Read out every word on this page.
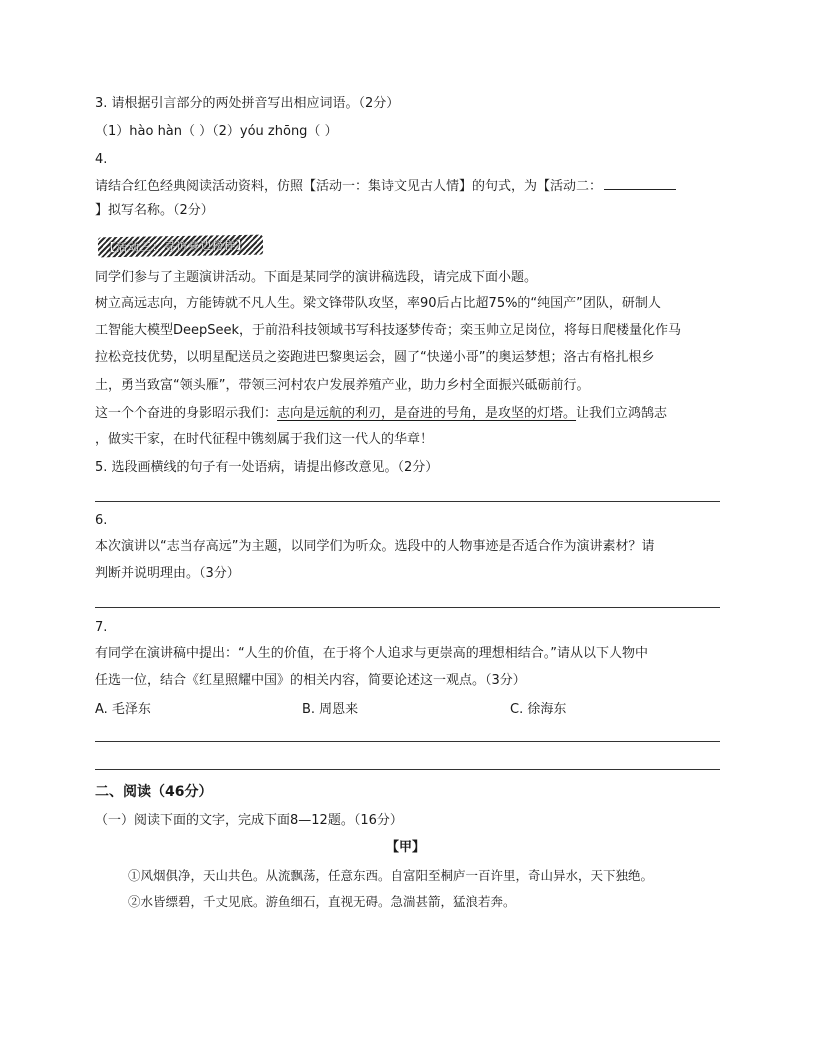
3. 请根据引言部分的两处拼音写出相应词语。（2分）
（1）hào hàn（ ）（2）yóu zhōng（ ）
4.
请结合红色经典阅读活动资料，仿照【活动一：集诗文见古人情】的句式，为【活动二：
】拟写名称。（2分）
【活动三：寻访身边榜样】
同学们参与了主题演讲活动。下面是某同学的演讲稿选段，请完成下面小题。
树立高远志向，方能铸就不凡人生。梁文锋带队攻坚，率90后占比超75%的“纯国产”团队，研制人
工智能大模型DeepSeek，于前沿科技领域书写科技逐梦传奇；栾玉帅立足岗位，将每日爬楼量化作马
拉松竞技优势，以明星配送员之姿跑进巴黎奥运会，圆了“快递小哥”的奥运梦想；洛古有格扎根乡
土，勇当致富“领头雁”，带领三河村农户发展养殖产业，助力乡村全面振兴砥砺前行。
这一个个奋进的身影昭示我们：志向是远航的利刃，是奋进的号角，是攻坚的灯塔。让我们立鸿鹄志
，做实干家，在时代征程中镌刻属于我们这一代人的华章！
5. 选段画横线的句子有一处语病，请提出修改意见。（2分）
6.
本次演讲以“志当存高远”为主题，以同学们为听众。选段中的人物事迹是否适合作为演讲素材？请
判断并说明理由。（3分）
7.
有同学在演讲稿中提出：“人生的价值，在于将个人追求与更崇高的理想相结合。”请从以下人物中
任选一位，结合《红星照耀中国》的相关内容，简要论述这一观点。（3分）
A. 毛泽东	B. 周恩来	C. 徐海东
二、阅读（46分）
（一）阅读下面的文字，完成下面8—12题。（16分）
【甲】
①风烟俱净，天山共色。从流飘荡，任意东西。自富阳至桐庐一百许里，奇山异水，天下独绝。
②水皆缥碧，千丈见底。游鱼细石，直视无碍。急湍甚箭，猛浪若奔。
